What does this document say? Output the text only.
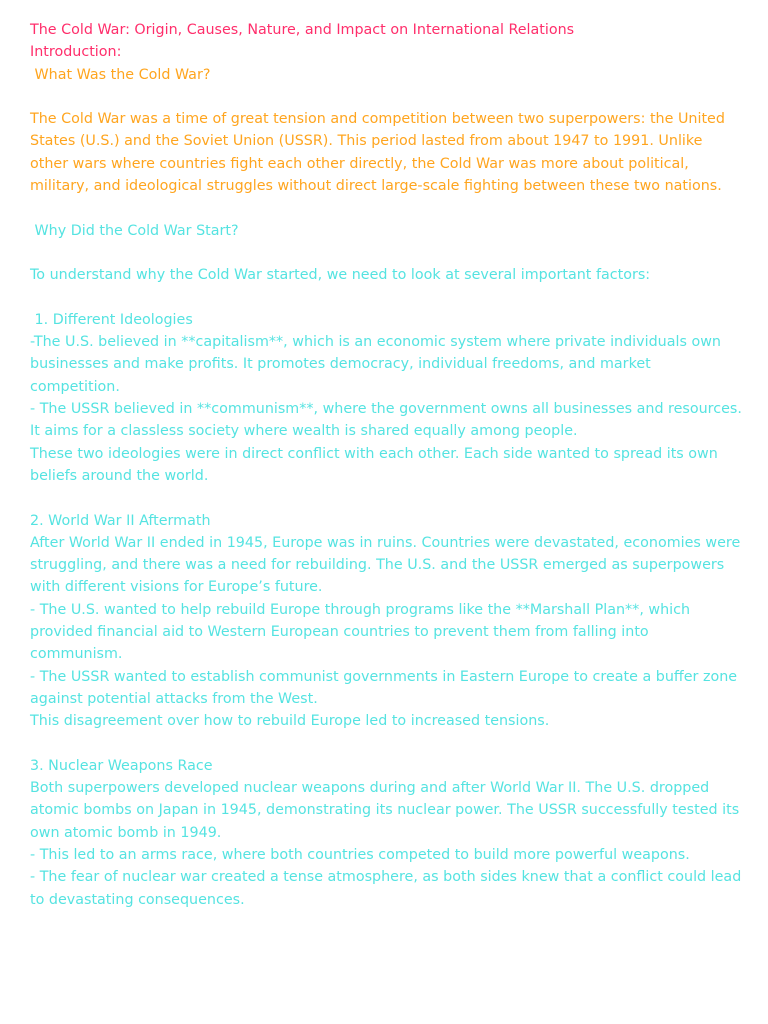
The Cold War: Origin, Causes, Nature, and Impact on International Relations
Introduction:
What Was the Cold War?
The Cold War was a time of great tension and competition between two superpowers: the United States (U.S.) and the Soviet Union (USSR). This period lasted from about 1947 to 1991. Unlike other wars where countries fight each other directly, the Cold War was more about political, military, and ideological struggles without direct large-scale fighting between these two nations.
Why Did the Cold War Start?
To understand why the Cold War started, we need to look at several important factors:
1. Different Ideologies
-The U.S. believed in **capitalism**, which is an economic system where private individuals own businesses and make profits. It promotes democracy, individual freedoms, and market competition.
- The USSR believed in **communism**, where the government owns all businesses and resources. It aims for a classless society where wealth is shared equally among people.
These two ideologies were in direct conflict with each other. Each side wanted to spread its own beliefs around the world.
2. World War II Aftermath
After World War II ended in 1945, Europe was in ruins. Countries were devastated, economies were struggling, and there was a need for rebuilding. The U.S. and the USSR emerged as superpowers with different visions for Europe’s future.
- The U.S. wanted to help rebuild Europe through programs like the **Marshall Plan**, which provided financial aid to Western European countries to prevent them from falling into communism.
- The USSR wanted to establish communist governments in Eastern Europe to create a buffer zone against potential attacks from the West.
This disagreement over how to rebuild Europe led to increased tensions.
3. Nuclear Weapons Race
Both superpowers developed nuclear weapons during and after World War II. The U.S. dropped atomic bombs on Japan in 1945, demonstrating its nuclear power. The USSR successfully tested its own atomic bomb in 1949.
- This led to an arms race, where both countries competed to build more powerful weapons.
- The fear of nuclear war created a tense atmosphere, as both sides knew that a conflict could lead to devastating consequences.
